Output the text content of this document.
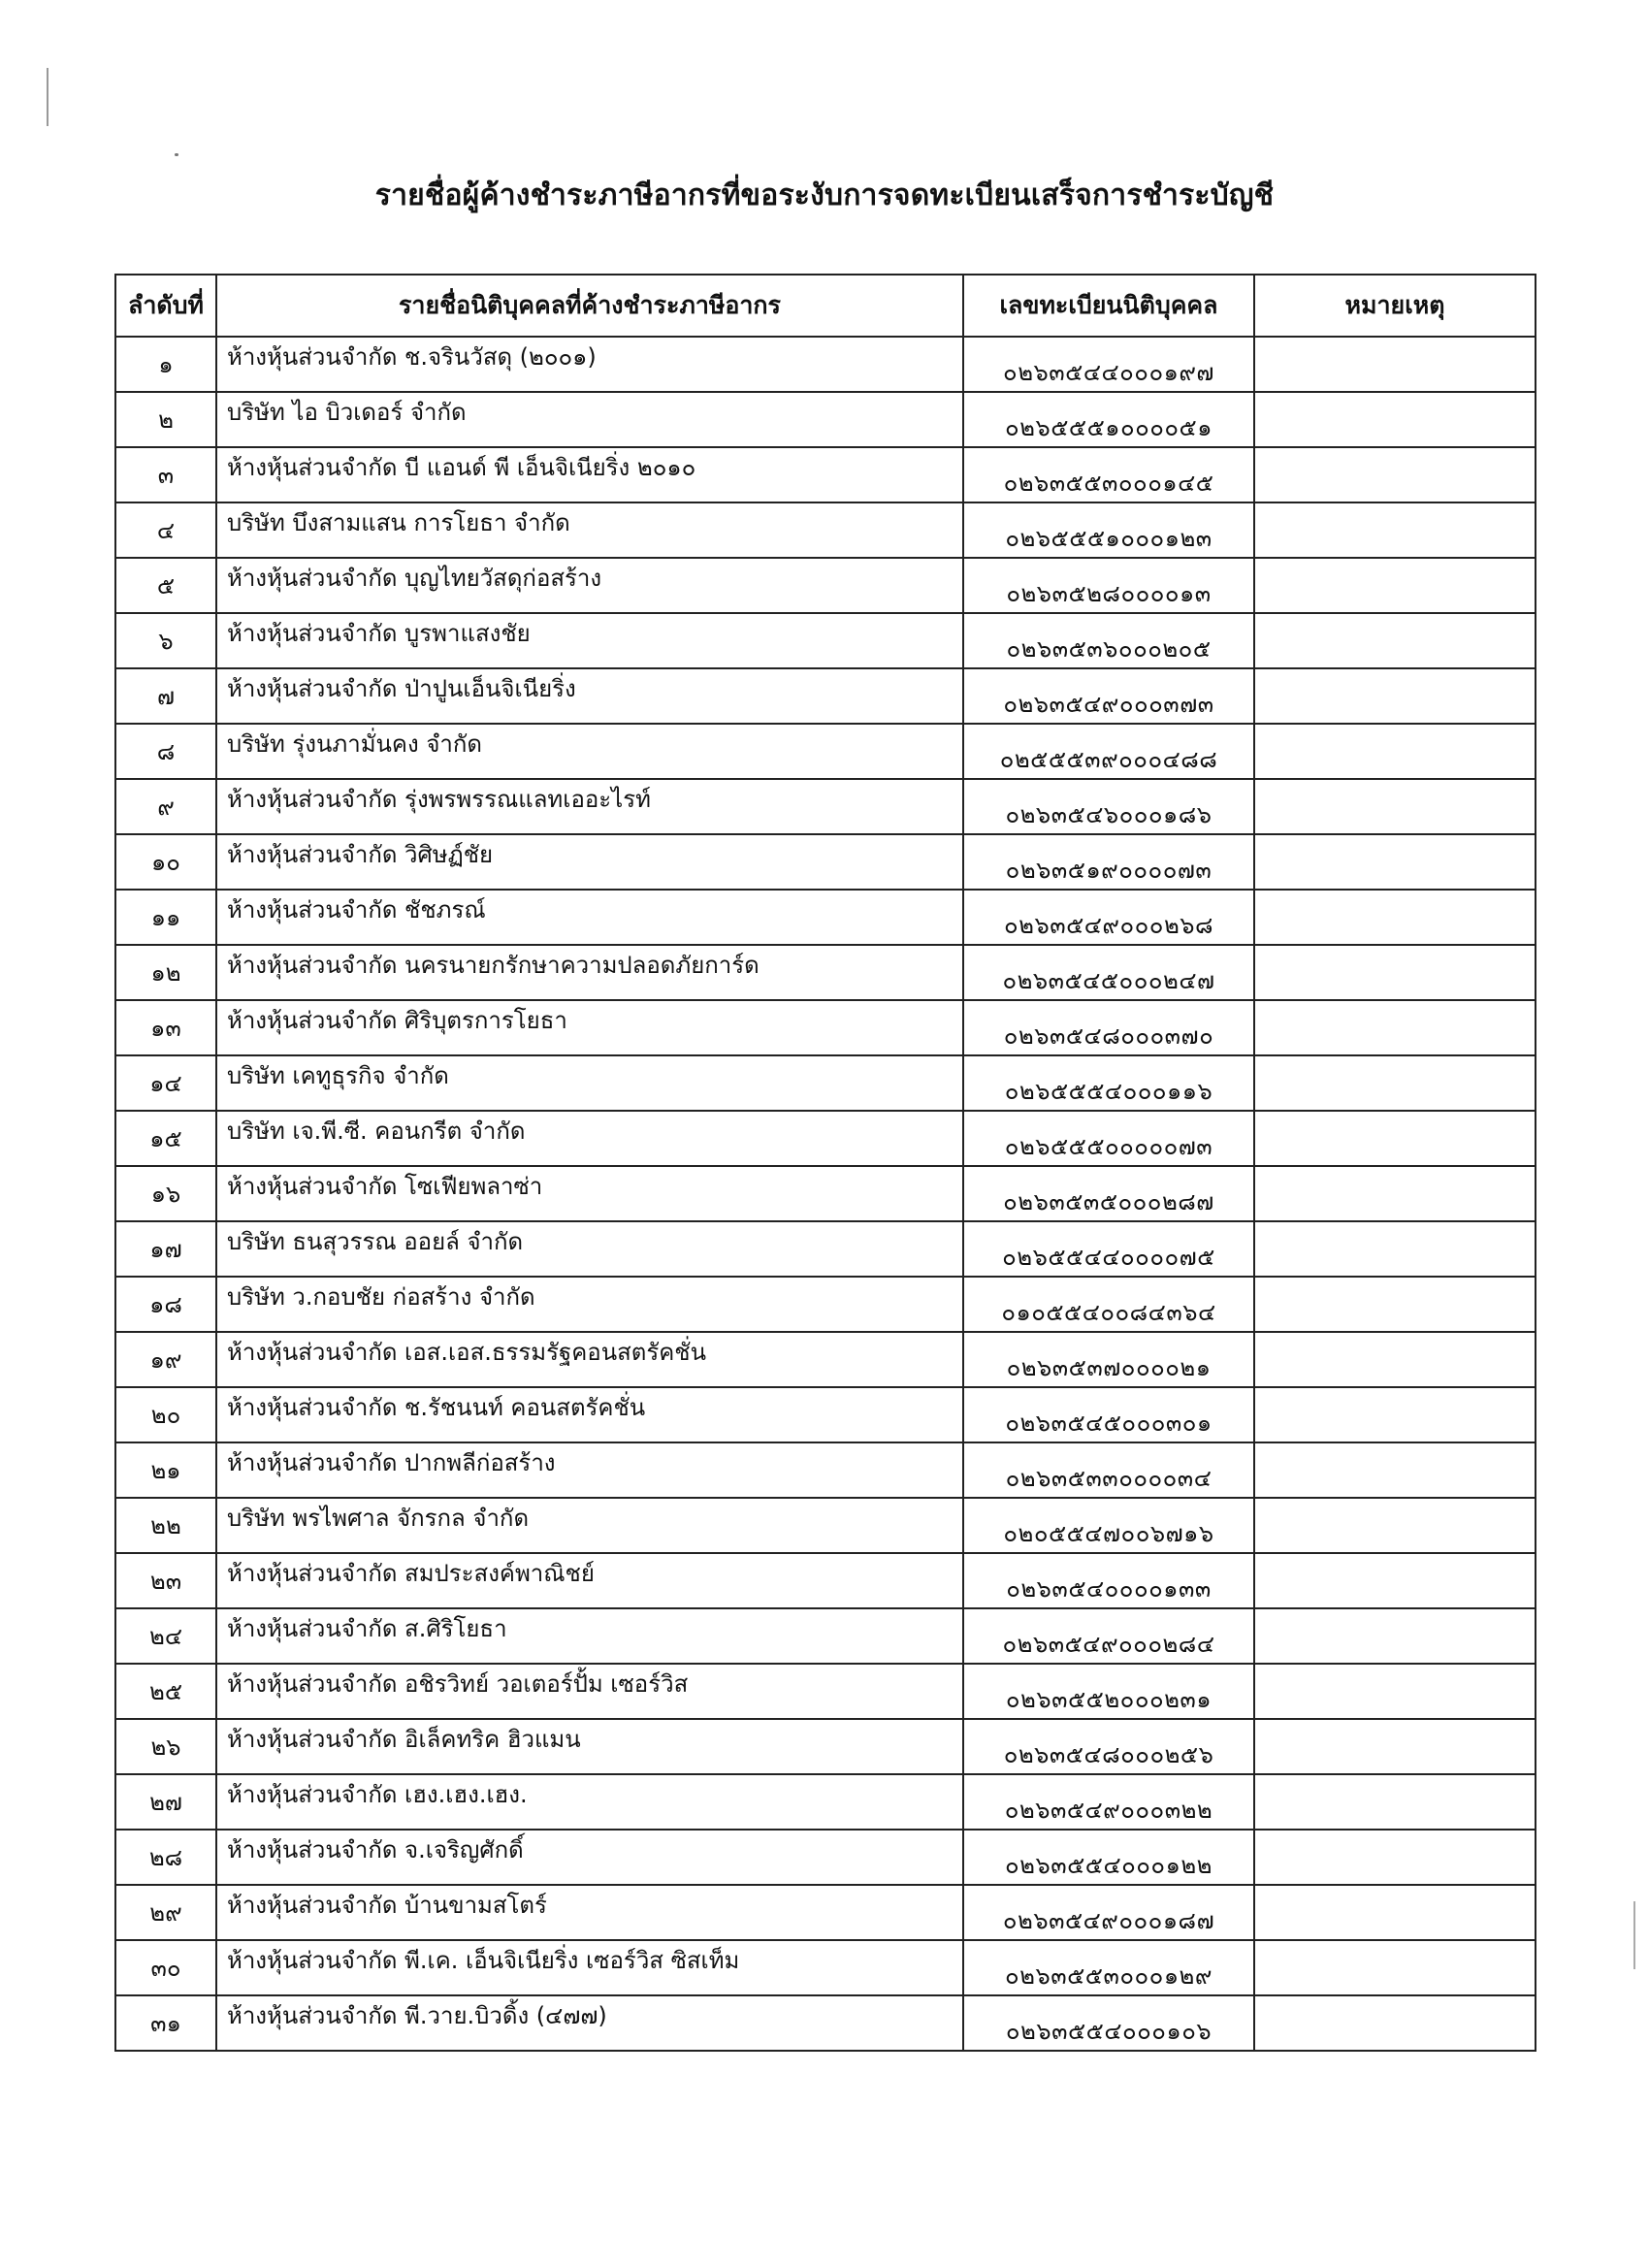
รายชื่อผู้ค้างชำระภาษีอากรที่ขอระงับการจดทะเบียนเสร็จการชำระบัญชี
ลำดับที่	รายชื่อนิติบุคคลที่ค้างชำระภาษีอากร	เลขทะเบียนนิติบุคคล	หมายเหตุ
๑	ห้างหุ้นส่วนจำกัด ช.จรินวัสดุ (๒๐๐๑)	๐๒๖๓๕๔๔๐๐๐๑๙๗	
๒	บริษัท ไอ บิวเดอร์ จำกัด	๐๒๖๕๕๕๑๐๐๐๐๕๑	
๓	ห้างหุ้นส่วนจำกัด บี แอนด์ พี เอ็นจิเนียริ่ง ๒๐๑๐	๐๒๖๓๕๕๓๐๐๐๑๔๕	
๔	บริษัท บึงสามแสน การโยธา จำกัด	๐๒๖๕๕๕๑๐๐๐๑๒๓	
๕	ห้างหุ้นส่วนจำกัด บุญไทยวัสดุก่อสร้าง	๐๒๖๓๕๒๘๐๐๐๐๑๓	
๖	ห้างหุ้นส่วนจำกัด บูรพาแสงชัย	๐๒๖๓๕๓๖๐๐๐๒๐๕	
๗	ห้างหุ้นส่วนจำกัด ป่าปูนเอ็นจิเนียริ่ง	๐๒๖๓๕๔๙๐๐๐๓๗๓	
๘	บริษัท รุ่งนภามั่นคง จำกัด	๐๒๕๕๕๓๙๐๐๐๔๘๘	
๙	ห้างหุ้นส่วนจำกัด รุ่งพรพรรณแลทเออะไรท์	๐๒๖๓๕๔๖๐๐๐๑๘๖	
๑๐	ห้างหุ้นส่วนจำกัด วิศิษฏ์ชัย	๐๒๖๓๕๑๙๐๐๐๐๗๓	
๑๑	ห้างหุ้นส่วนจำกัด ชัชภรณ์	๐๒๖๓๕๔๙๐๐๐๒๖๘	
๑๒	ห้างหุ้นส่วนจำกัด นครนายกรักษาความปลอดภัยการ์ด	๐๒๖๓๕๔๕๐๐๐๒๔๗	
๑๓	ห้างหุ้นส่วนจำกัด ศิริบุตรการโยธา	๐๒๖๓๕๔๘๐๐๐๓๗๐	
๑๔	บริษัท เคทูธุรกิจ จำกัด	๐๒๖๕๕๕๔๐๐๐๑๑๖	
๑๕	บริษัท เจ.พี.ซี. คอนกรีต จำกัด	๐๒๖๕๕๕๐๐๐๐๐๗๓	
๑๖	ห้างหุ้นส่วนจำกัด โซเฟียพลาซ่า	๐๒๖๓๕๓๕๐๐๐๒๘๗	
๑๗	บริษัท ธนสุวรรณ ออยล์ จำกัด	๐๒๖๕๕๔๔๐๐๐๐๗๕	
๑๘	บริษัท ว.กอบชัย ก่อสร้าง จำกัด	๐๑๐๕๕๔๐๐๘๔๓๖๔	
๑๙	ห้างหุ้นส่วนจำกัด เอส.เอส.ธรรมรัฐคอนสตรัคชั่น	๐๒๖๓๕๓๗๐๐๐๐๒๑	
๒๐	ห้างหุ้นส่วนจำกัด ช.รัชนนท์ คอนสตรัคชั่น	๐๒๖๓๕๔๕๐๐๐๓๐๑	
๒๑	ห้างหุ้นส่วนจำกัด ปากพลีก่อสร้าง	๐๒๖๓๕๓๓๐๐๐๐๓๔	
๒๒	บริษัท พรไพศาล จักรกล จำกัด	๐๒๐๕๕๔๗๐๐๖๗๑๖	
๒๓	ห้างหุ้นส่วนจำกัด สมประสงค์พาณิชย์	๐๒๖๓๕๔๐๐๐๐๑๓๓	
๒๔	ห้างหุ้นส่วนจำกัด ส.ศิริโยธา	๐๒๖๓๕๔๙๐๐๐๒๘๔	
๒๕	ห้างหุ้นส่วนจำกัด อชิรวิทย์ วอเตอร์ปั้ม เซอร์วิส	๐๒๖๓๕๕๒๐๐๐๒๓๑	
๒๖	ห้างหุ้นส่วนจำกัด อิเล็คทริค ฮิวแมน	๐๒๖๓๕๔๘๐๐๐๒๕๖	
๒๗	ห้างหุ้นส่วนจำกัด เฮง.เฮง.เฮง.	๐๒๖๓๕๔๙๐๐๐๓๒๒	
๒๘	ห้างหุ้นส่วนจำกัด จ.เจริญศักดิ์	๐๒๖๓๕๕๔๐๐๐๑๒๒	
๒๙	ห้างหุ้นส่วนจำกัด บ้านขามสโตร์	๐๒๖๓๕๔๙๐๐๐๑๘๗	
๓๐	ห้างหุ้นส่วนจำกัด พี.เค. เอ็นจิเนียริ่ง เซอร์วิส ซิสเท็ม	๐๒๖๓๕๕๓๐๐๐๑๒๙	
๓๑	ห้างหุ้นส่วนจำกัด พี.วาย.บิวดิ้ง (๔๗๗)	๐๒๖๓๕๕๔๐๐๐๑๐๖	
